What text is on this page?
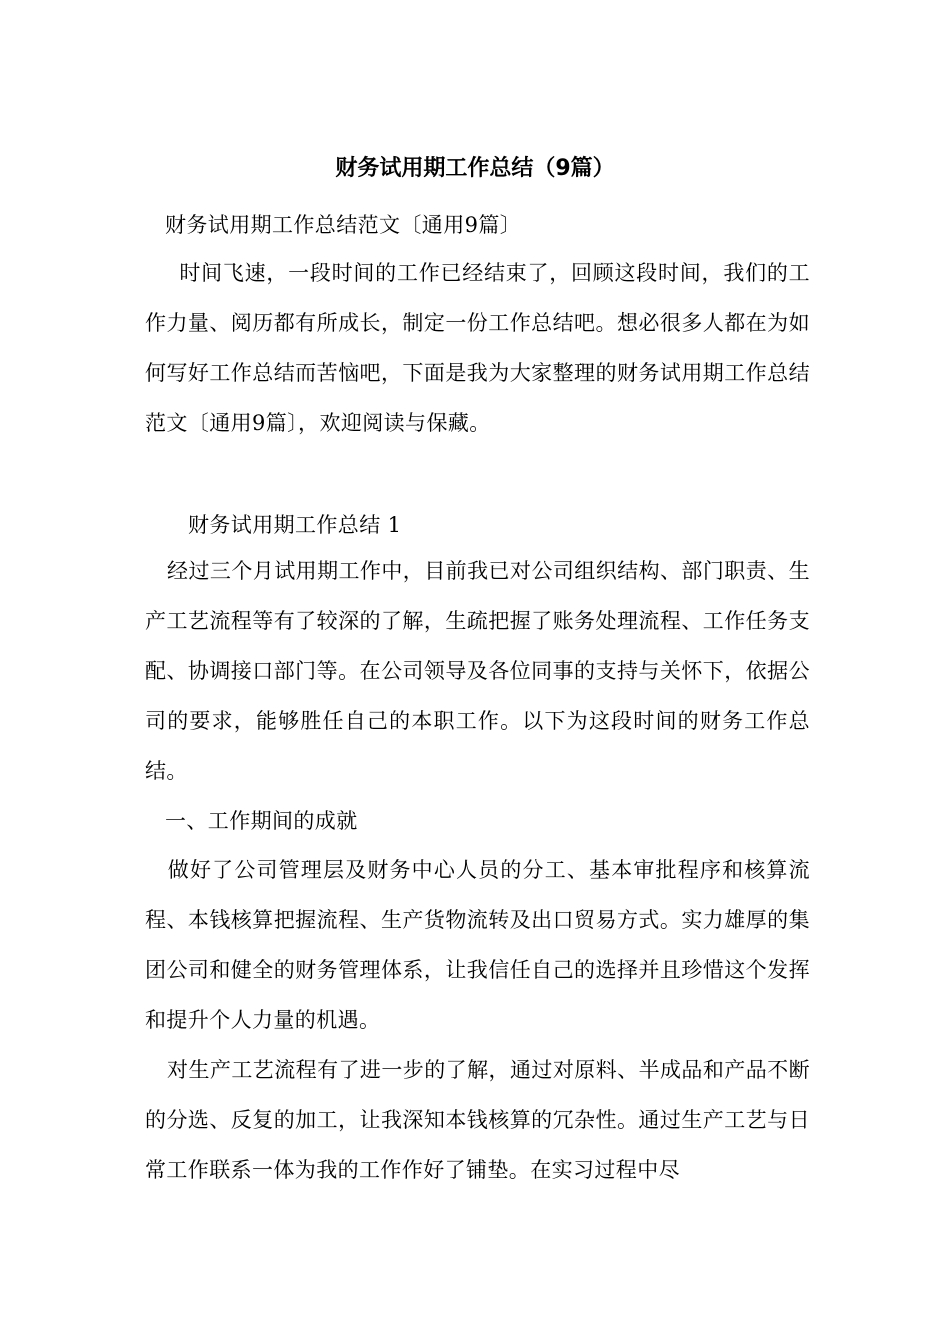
财务试用期工作总结（9篇）
财务试用期工作总结范文〔通用9篇〕
时间飞速，一段时间的工作已经结束了，回顾这段时间，我们的工作力量、阅历都有所成长，制定一份工作总结吧。想必很多人都在为如何写好工作总结而苦恼吧，下面是我为大家整理的财务试用期工作总结范文〔通用9篇〕，欢迎阅读与保藏。
财务试用期工作总结 1
经过三个月试用期工作中，目前我已对公司组织结构、部门职责、生产工艺流程等有了较深的了解，生疏把握了账务处理流程、工作任务支配、协调接口部门等。在公司领导及各位同事的支持与关怀下，依据公司的要求，能够胜任自己的本职工作。以下为这段时间的财务工作总结。
一、工作期间的成就
做好了公司管理层及财务中心人员的分工、基本审批程序和核算流程、本钱核算把握流程、生产货物流转及出口贸易方式。实力雄厚的集团公司和健全的财务管理体系，让我信任自己的选择并且珍惜这个发挥和提升个人力量的机遇。
对生产工艺流程有了进一步的了解，通过对原料、半成品和产品不断的分选、反复的加工，让我深知本钱核算的冗杂性。通过生产工艺与日常工作联系一体为我的工作作好了铺垫。在实习过程中尽
